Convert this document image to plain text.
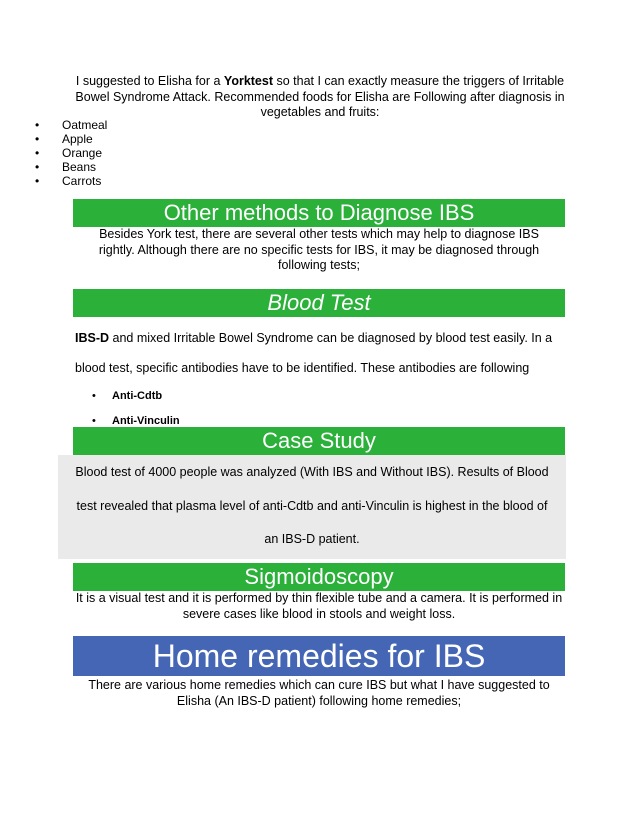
I suggested to Elisha for a Yorktest so that I can exactly measure the triggers of Irritable Bowel Syndrome Attack. Recommended foods for Elisha are Following after diagnosis in vegetables and fruits:
• Oatmeal
• Apple
• Orange
• Beans
• Carrots
Other methods to Diagnose IBS
Besides York test, there are several other tests which may help to diagnose IBS rightly. Although there are no specific tests for IBS, it may be diagnosed through following tests;
Blood Test
IBS-D and mixed Irritable Bowel Syndrome can be diagnosed by blood test easily. In a
blood test, specific antibodies have to be identified. These antibodies are following
• Anti-Cdtb
• Anti-Vinculin
Case Study
Blood test of 4000 people was analyzed (With IBS and Without IBS). Results of Blood
test revealed that plasma level of anti-Cdtb and anti-Vinculin is highest in the blood of
an IBS-D patient.
Sigmoidoscopy
It is a visual test and it is performed by thin flexible tube and a camera. It is performed in severe cases like blood in stools and weight loss.
Home remedies for IBS
There are various home remedies which can cure IBS but what I have suggested to Elisha (An IBS-D patient) following home remedies;
